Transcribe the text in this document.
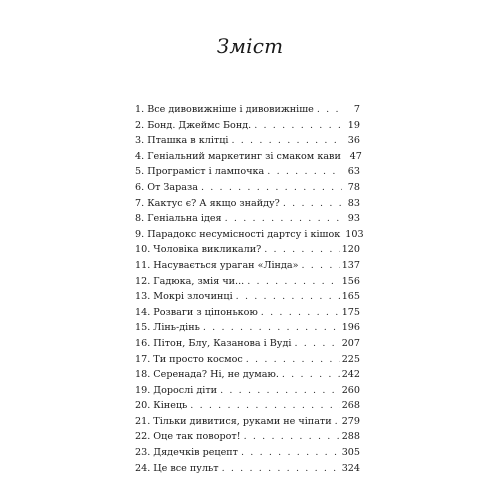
Зміст
1. Все дивовижніше і дивовижніше . . .	7
2. Бонд. Джеймс Бонд. . . .	19
3. Пташка в клітці . . .	36
4. Геніальний маркетинг зі смаком кави 47
5. Програміст і лампочка . . .	63
6. От Зараза . . .	78
7. Кактус є? А якщо знайду? . . .	83
8. Геніальна ідея . . .	93
9. Парадокс несумісності дартсу і кішок 103
10. Чоловіка викликали? . . .	120
11. Насувається ураган «Лінда» . . .	137
12. Гадюка, змія чи... . . .	156
13. Мокрі злочинці . . .	165
14. Розваги з ціпонькою . . .	175
15. Лінь-дінь . . .	196
16. Пітон, Блу, Казанова і Вуді . . .	207
17. Ти просто космос . . .	225
18. Серенада? Ні, не думаю. . . .	242
19. Дорослі діти . . .	260
20. Кінець . . .	268
21. Тільки дивитися, руками не чіпати . . . 279
22. Оце так поворот! . . .	288
23. Дядечків рецепт . . .	305
24. Це все пульт . . .	324
